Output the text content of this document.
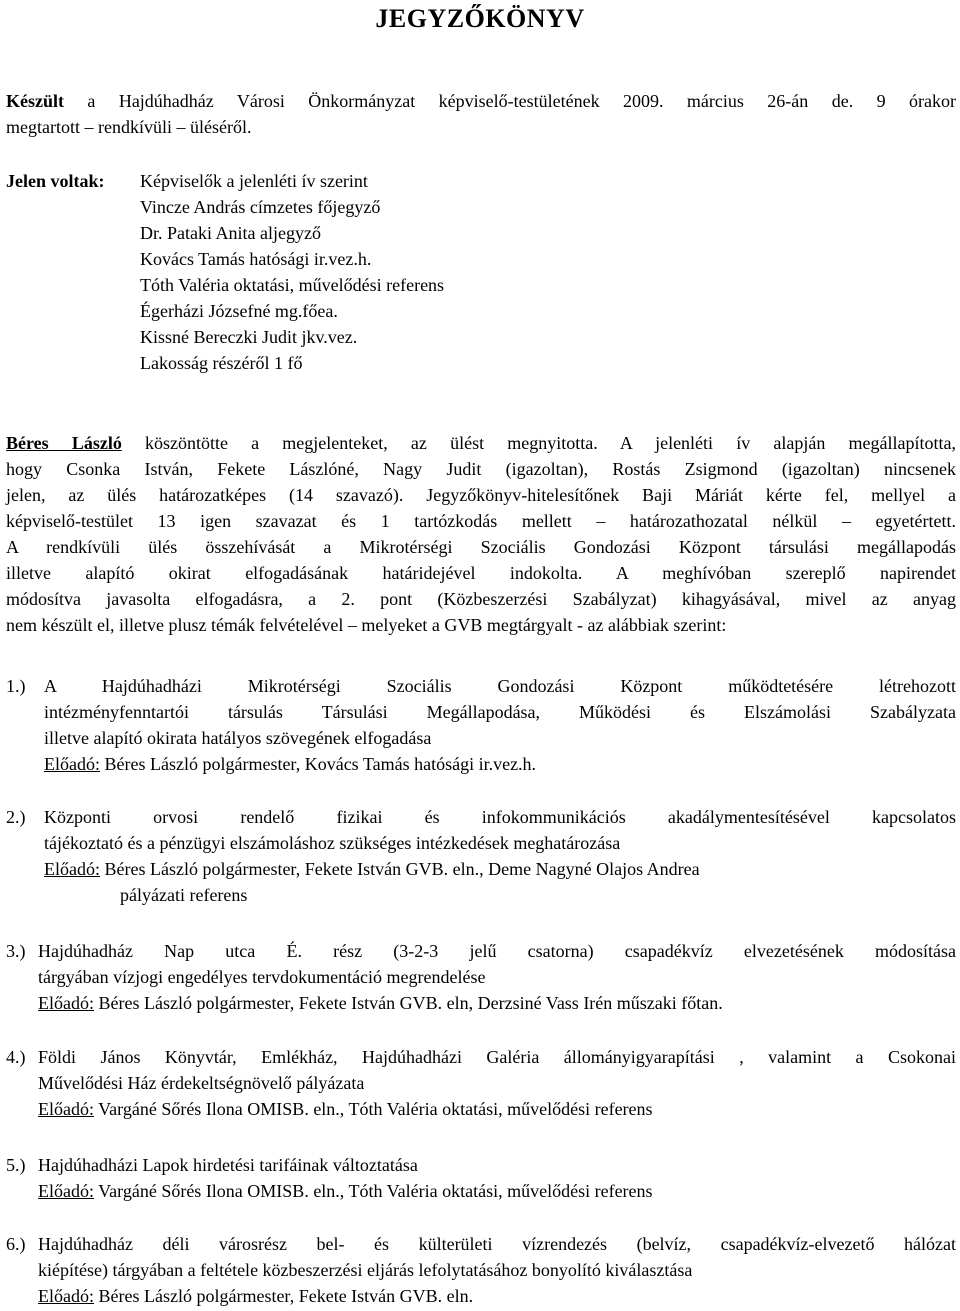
JEGYZŐKÖNYV
Készült a Hajdúhadház Városi Önkormányzat képviselő-testületének 2009. március 26-án de. 9 órakor
megtartott – rendkívüli – üléséről.
Jelen voltak: Képviselők a jelenléti ív szerint
Vincze András címzetes főjegyző
Dr. Pataki Anita aljegyző
Kovács Tamás hatósági ir.vez.h.
Tóth Valéria oktatási, művelődési referens
Égerházi Józsefné mg.főea.
Kissné Bereczki Judit jkv.vez.
Lakosság részéről 1 fő
Béres László köszöntötte a megjelenteket, az ülést megnyitotta. A jelenléti ív alapján megállapította,
hogy Csonka István, Fekete Lászlóné, Nagy Judit (igazoltan), Rostás Zsigmond (igazoltan) nincsenek
jelen, az ülés határozatképes (14 szavazó). Jegyzőkönyv-hitelesítőnek Baji Máriát kérte fel, mellyel a
képviselő-testület 13 igen szavazat és 1 tartózkodás mellett – határozathozatal nélkül – egyetértett.
A rendkívüli ülés összehívását a Mikrotérségi Szociális Gondozási Központ társulási megállapodás
illetve alapító okirat elfogadásának határidejével indokolta. A meghívóban szereplő napirendet
módosítva javasolta elfogadásra, a 2. pont (Közbeszerzési Szabályzat) kihagyásával, mivel az anyag
nem készült el, illetve plusz témák felvételével – melyeket a GVB megtárgyalt - az alábbiak szerint:
1.) A Hajdúhadházi Mikrotérségi Szociális Gondozási Központ működtetésére létrehozott
intézményfenntartói társulás Társulási Megállapodása, Működési és Elszámolási Szabályzata
illetve alapító okirata hatályos szövegének elfogadása
Előadó: Béres László polgármester, Kovács Tamás hatósági ir.vez.h.
2.) Központi orvosi rendelő fizikai és infokommunikációs akadálymentesítésével kapcsolatos
tájékoztató és a pénzügyi elszámoláshoz szükséges intézkedések meghatározása
Előadó: Béres László polgármester, Fekete István GVB. eln., Deme Nagyné Olajos Andrea
pályázati referens
3.) Hajdúhadház Nap utca É. rész (3-2-3 jelű csatorna) csapadékvíz elvezetésének módosítása
tárgyában vízjogi engedélyes tervdokumentáció megrendelése
Előadó: Béres László polgármester, Fekete István GVB. eln, Derzsiné Vass Irén műszaki főtan.
4.) Földi János Könyvtár, Emlékház, Hajdúhadházi Galéria állományigyarapítási , valamint a Csokonai
Művelődési Ház érdekeltségnövelő pályázata
Előadó: Vargáné Sőrés Ilona OMISB. eln., Tóth Valéria oktatási, művelődési referens
5.) Hajdúhadházi Lapok hirdetési tarifáinak változtatása
Előadó: Vargáné Sőrés Ilona OMISB. eln., Tóth Valéria oktatási, művelődési referens
6.) Hajdúhadház déli városrész bel- és külterületi vízrendezés (belvíz, csapadékvíz-elvezető hálózat
kiépítése) tárgyában a feltétele közbeszerzési eljárás lefolytatásához bonyolító kiválasztása
Előadó: Béres László polgármester, Fekete István GVB. eln.
